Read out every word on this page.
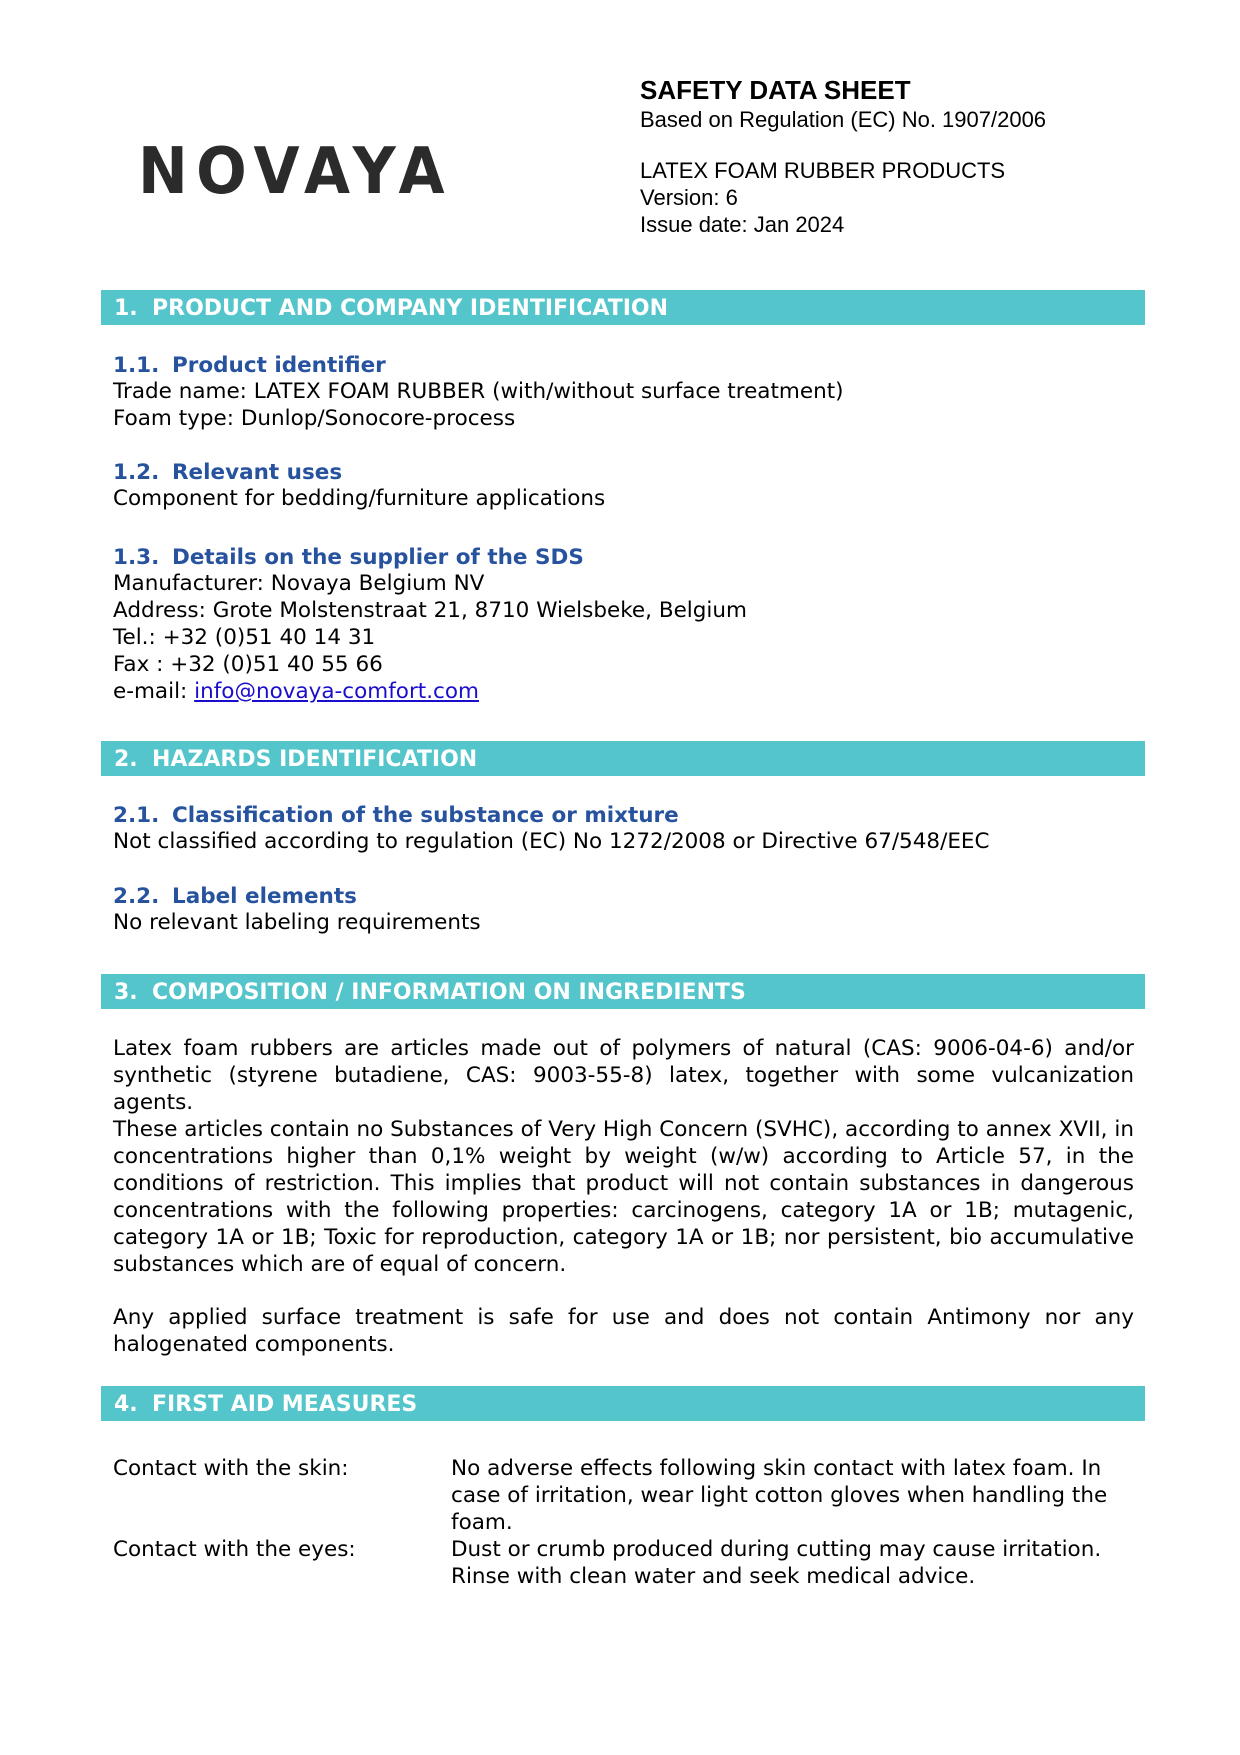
NOVAYA
SAFETY DATA SHEET
Based on Regulation (EC) No. 1907/2006
LATEX FOAM RUBBER PRODUCTS
Version: 6
Issue date: Jan 2024
1. PRODUCT AND COMPANY IDENTIFICATION
1.1. Product identifier
Trade name: LATEX FOAM RUBBER (with/without surface treatment)
Foam type: Dunlop/Sonocore-process
1.2. Relevant uses
Component for bedding/furniture applications
1.3. Details on the supplier of the SDS
Manufacturer: Novaya Belgium NV
Address: Grote Molstenstraat 21, 8710 Wielsbeke, Belgium
Tel.: +32 (0)51 40 14 31
Fax : +32 (0)51 40 55 66
e-mail: info@novaya-comfort.com
2. HAZARDS IDENTIFICATION
2.1. Classification of the substance or mixture
Not classified according to regulation (EC) No 1272/2008 or Directive 67/548/EEC
2.2. Label elements
No relevant labeling requirements
3. COMPOSITION / INFORMATION ON INGREDIENTS
Latex foam rubbers are articles made out of polymers of natural (CAS: 9006-04-6) and/or synthetic (styrene butadiene, CAS: 9003-55-8) latex, together with some vulcanization agents.
These articles contain no Substances of Very High Concern (SVHC), according to annex XVII, in concentrations higher than 0,1% weight by weight (w/w) according to Article 57, in the conditions of restriction. This implies that product will not contain substances in dangerous concentrations with the following properties: carcinogens, category 1A or 1B; mutagenic, category 1A or 1B; Toxic for reproduction, category 1A or 1B; nor persistent, bio accumulative substances which are of equal of concern.
Any applied surface treatment is safe for use and does not contain Antimony nor any halogenated components.
4. FIRST AID MEASURES
Contact with the skin:	No adverse effects following skin contact with latex foam. In case of irritation, wear light cotton gloves when handling the foam.
Contact with the eyes:	Dust or crumb produced during cutting may cause irritation. Rinse with clean water and seek medical advice.
